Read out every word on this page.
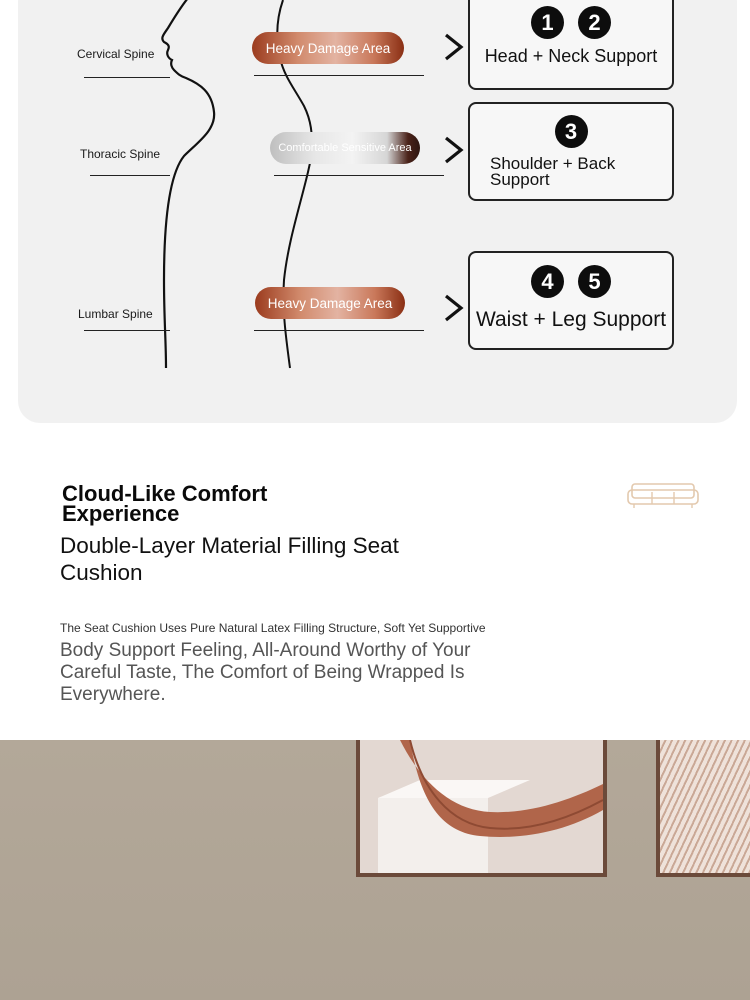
Cervical Spine
Thoracic Spine
Lumbar Spine
Heavy Damage Area
Comfortable Sensitive Area
Heavy Damage Area
1	2
Head + Neck Support
3
Shoulder + Back Support
4	5
Waist + Leg Support
Cloud-Like Comfort Experience
Double-Layer Material Filling Seat Cushion
The Seat Cushion Uses Pure Natural Latex Filling Structure, Soft Yet Supportive
Body Support Feeling, All-Around Worthy of Your Careful Taste, The Comfort of Being Wrapped Is Everywhere.
